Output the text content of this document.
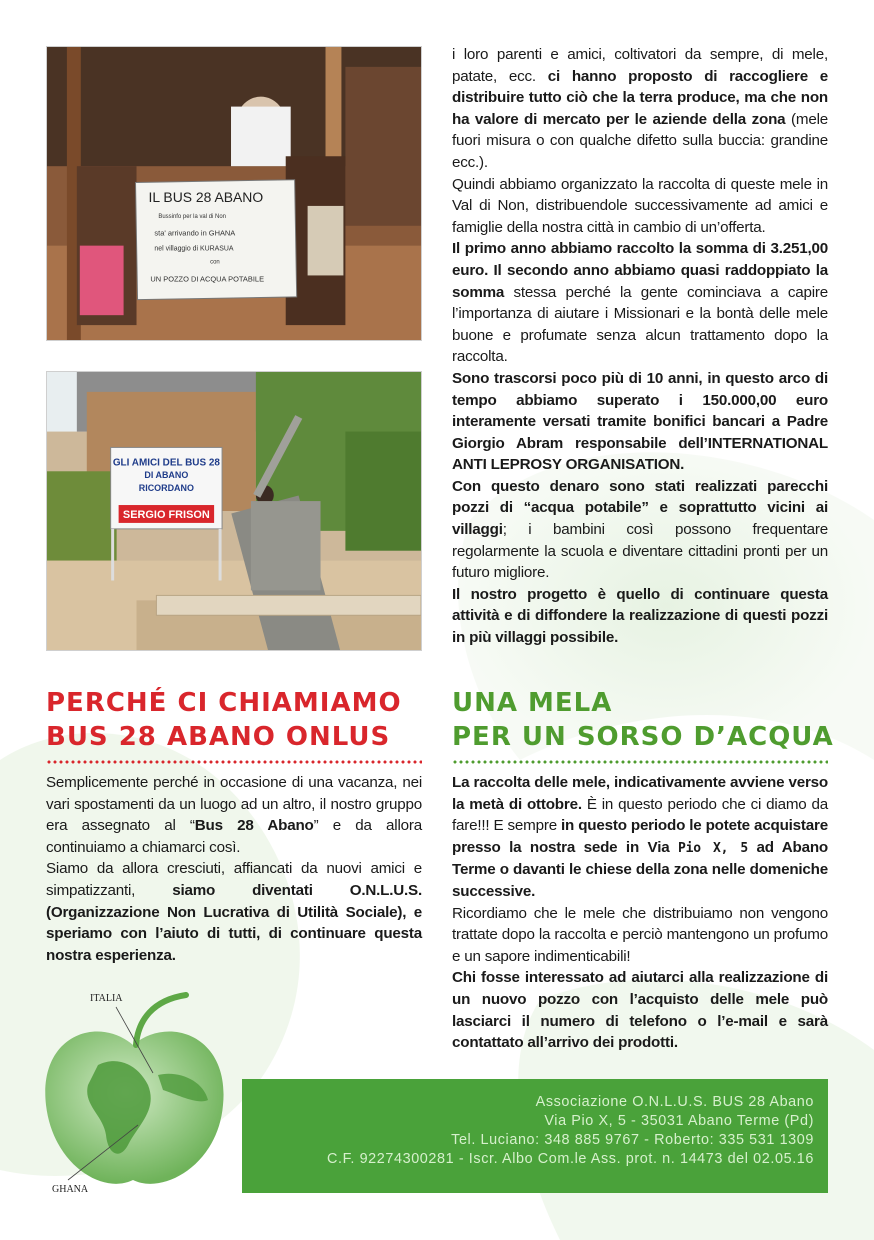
IL BUS 28 ABANO
Bussinfo per la val di Non
sta' arrivando in GHANA
nel villaggio di KURASUA
con
UN POZZO DI ACQUA POTABILE
GLI AMICI DEL BUS 28
DI ABANO
RICORDANO
SERGIO FRISON

i loro parenti e amici, coltivatori da sempre, di mele, patate, ecc. ci hanno proposto di raccogliere e distribuire tutto ciò che la terra produce, ma che non ha valore di mercato per le aziende della zona (mele fuori misura o con qualche difetto sulla buccia: grandine ecc.).

Quindi abbiamo organizzato la raccolta di queste mele in Val di Non, distribuendole successivamente ad amici e famiglie della nostra città in cambio di un’offerta.

Il primo anno abbiamo raccolto la somma di 3.251,00 euro. Il secondo anno abbiamo quasi raddoppiato la somma stessa perché la gente cominciava a capire l’importanza di aiutare i Missionari e la bontà delle mele buone e profumate senza alcun trattamento dopo la raccolta.

Sono trascorsi poco più di 10 anni, in questo arco di tempo abbiamo superato i 150.000,00 euro interamente versati tramite bonifici bancari a Padre Giorgio Abram responsabile dell’INTERNATIONAL ANTI LEPROSY ORGANISATION.

Con questo denaro sono stati realizzati parecchi pozzi di “acqua potabile” e soprattutto vicini ai villaggi; i bambini così possono frequentare regolarmente la scuola e diventare cittadini pronti per un futuro migliore.

Il nostro progetto è quello di continuare questa attività e di diffondere la realizzazione di questi pozzi in più villaggi possibile.

PERCHÉ CI CHIAMIAMO
BUS 28 ABANO ONLUS
UNA MELA
PER UN SORSO D’ACQUA

Semplicemente perché in occasione di una vacanza, nei vari spostamenti da un luogo ad un altro, il nostro gruppo era assegnato al “Bus 28 Abano” e da allora continuiamo a chiamarci così.

Siamo da allora cresciuti, affiancati da nuovi amici e simpatizzanti, siamo diventati O.N.L.U.S. (Organizzazione Non Lucrativa di Utilità Sociale), e speriamo con l’aiuto di tutti, di continuare questa nostra esperienza.

La raccolta delle mele, indicativamente avviene verso la metà di ottobre. È in questo periodo che ci diamo da fare!!! E sempre in questo periodo le potete acquistare presso la nostra sede in Via Pio X, 5 ad Abano Terme o davanti le chiese della zona nelle domeniche successive.

Ricordiamo che le mele che distribuiamo non vengono trattate dopo la raccolta e perciò mantengono un profumo e un sapore indimenticabili!

Chi fosse interessato ad aiutarci alla realizzazione di un nuovo pozzo con l’acquisto delle mele può lasciarci il numero di telefono o l’e-mail e sarà contattato all’arrivo dei prodotti.

ITALIA
GHANA
Associazione O.N.L.U.S. BUS 28 Abano
Via Pio X, 5 - 35031 Abano Terme (Pd)
Tel. Luciano: 348 885 9767 - Roberto: 335 531 1309
C.F. 92274300281 - Iscr. Albo Com.le Ass. prot. n. 14473 del 02.05.16
